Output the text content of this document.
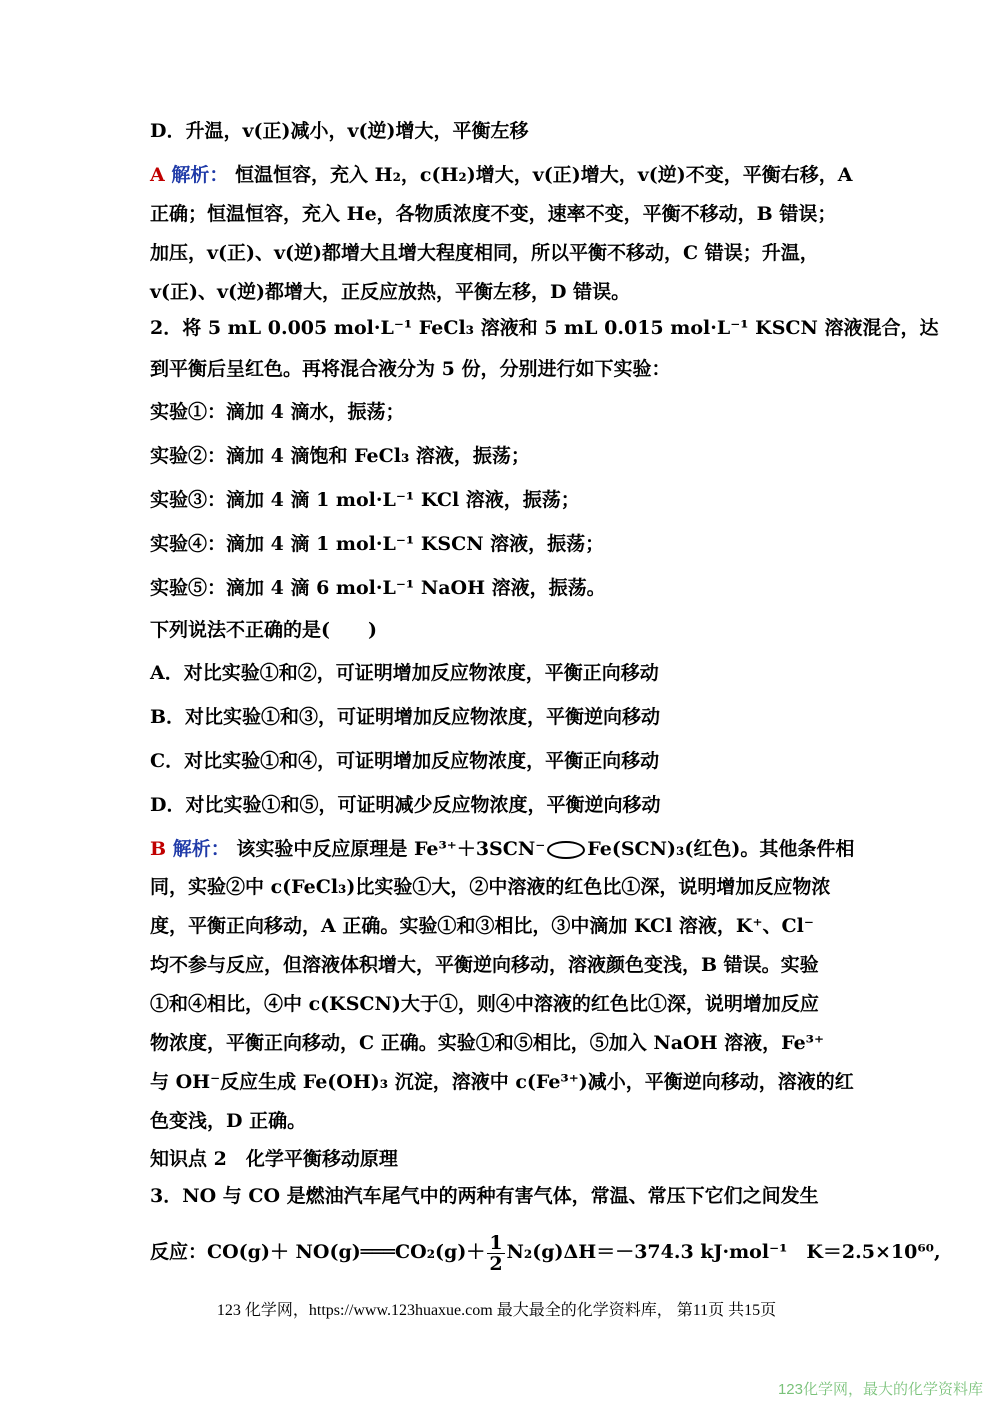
D．升温，v(正)减小，v(逆)增大，平衡左移
A 解析： 恒温恒容，充入 H₂，c(H₂)增大，v(正)增大，v(逆)不变，平衡右移，A
正确；恒温恒容，充入 He，各物质浓度不变，速率不变，平衡不移动，B 错误；
加压，v(正)、v(逆)都增大且增大程度相同，所以平衡不移动，C 错误；升温，
v(正)、v(逆)都增大，正反应放热，平衡左移，D 错误。
2．将 5 mL 0.005 mol·L⁻¹ FeCl₃ 溶液和 5 mL 0.015 mol·L⁻¹ KSCN 溶液混合，达
到平衡后呈红色。再将混合液分为 5 份，分别进行如下实验：
实验①：滴加 4 滴水，振荡；
实验②：滴加 4 滴饱和 FeCl₃ 溶液，振荡；
实验③：滴加 4 滴 1 mol·L⁻¹ KCl 溶液，振荡；
实验④：滴加 4 滴 1 mol·L⁻¹ KSCN 溶液，振荡；
实验⑤：滴加 4 滴 6 mol·L⁻¹ NaOH 溶液，振荡。
下列说法不正确的是(　　)
A．对比实验①和②，可证明增加反应物浓度，平衡正向移动
B．对比实验①和③，可证明增加反应物浓度，平衡逆向移动
C．对比实验①和④，可证明增加反应物浓度，平衡正向移动
D．对比实验①和⑤，可证明减少反应物浓度，平衡逆向移动
B 解析： 该实验中反应原理是 Fe³⁺＋3SCN⁻ Fe(SCN)₃(红色)。其他条件相
同，实验②中 c(FeCl₃)比实验①大，②中溶液的红色比①深，说明增加反应物浓
度，平衡正向移动，A 正确。实验①和③相比，③中滴加 KCl 溶液，K⁺、Cl⁻
均不参与反应，但溶液体积增大，平衡逆向移动，溶液颜色变浅，B 错误。实验
①和④相比，④中 c(KSCN)大于①，则④中溶液的红色比①深，说明增加反应
物浓度，平衡正向移动，C 正确。实验①和⑤相比，⑤加入 NaOH 溶液，Fe³⁺
与 OH⁻反应生成 Fe(OH)₃ 沉淀，溶液中 c(Fe³⁺)减小，平衡逆向移动，溶液的红
色变浅，D 正确。
知识点 2　化学平衡移动原理
3．NO 与 CO 是燃油汽车尾气中的两种有害气体，常温、常压下它们之间发生
反应：CO(g)＋ NO(g)═══CO₂(g)＋ $\frac{1}{2} N_2(g)\Delta H=-374.3$ kJ·mol⁻¹　K＝2.5×10⁶⁰,
123 化学网，https://www.123huaxue.com 最大最全的化学资料库， 第11页 共15页
123化学网，最大的化学资料库
